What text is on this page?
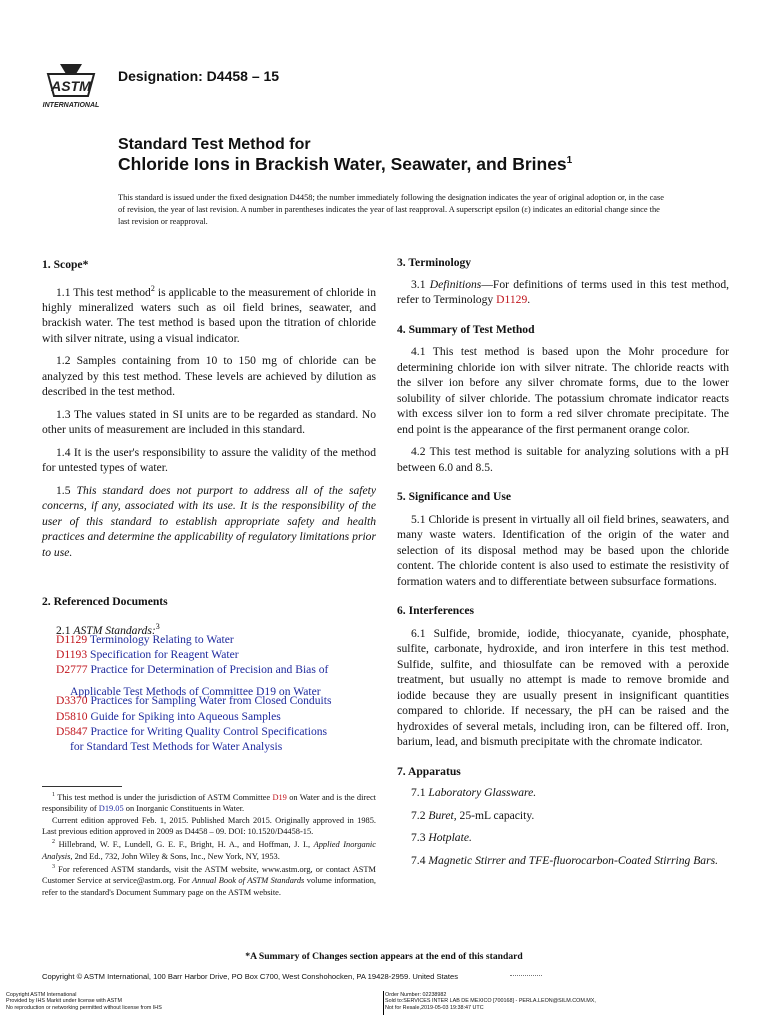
ASTM
INTERNATIONAL
Designation: D4458 – 15
Standard Test Method for
Chloride Ions in Brackish Water, Seawater, and Brines$^1$
This standard is issued under the fixed designation D4458; the number immediately following the designation indicates the year of original adoption or, in the case of revision, the year of last revision. A number in parentheses indicates the year of last reapproval. A superscript epsilon (ε) indicates an editorial change since the last revision or reapproval.
1. Scope*

1.1 This test method$^2$ is applicable to the measurement of chloride in highly mineralized waters such as oil field brines, seawater, and brackish water. The test method is based upon the titration of chloride with silver nitrate, using a visual indicator.

1.2 Samples containing from 10 to 150 mg of chloride can be analyzed by this test method. These levels are achieved by dilution as described in the test method.

1.3 The values stated in SI units are to be regarded as standard. No other units of measurement are included in this standard.

1.4 It is the user's responsibility to assure the validity of the method for untested types of water.

1.5 This standard does not purport to address all of the safety concerns, if any, associated with its use. It is the responsibility of the user of this standard to establish appropriate safety and health practices and determine the applicability of regulatory limitations prior to use.

2. Referenced Documents
2.1 ASTM Standards:$^3$
D1129 Terminology Relating to Water
D1193 Specification for Reagent Water
D2777 Practice for Determination of Precision and Bias of
Applicable Test Methods of Committee D19 on Water
D3370 Practices for Sampling Water from Closed Conduits
D5810 Guide for Spiking into Aqueous Samples
D5847 Practice for Writing Quality Control Specifications
for Standard Test Methods for Water Analysis

$^1$ This test method is under the jurisdiction of ASTM Committee D19 on Water and is the direct responsibility of D19.05 on Inorganic Constituents in Water.

Current edition approved Feb. 1, 2015. Published March 2015. Originally approved in 1985. Last previous edition approved in 2009 as D4458 – 09. DOI: 10.1520/D4458-15.

$^2$ Hillebrand, W. F., Lundell, G. E. F., Bright, H. A., and Hoffman, J. I., Applied Inorganic Analysis, 2nd Ed., 732, John Wiley & Sons, Inc., New York, NY, 1953.

$^3$ For referenced ASTM standards, visit the ASTM website, www.astm.org, or contact ASTM Customer Service at service@astm.org. For Annual Book of ASTM Standards volume information, refer to the standard's Document Summary page on the ASTM website.

3. Terminology

3.1 Definitions—For definitions of terms used in this test method, refer to Terminology D1129.

4. Summary of Test Method

4.1 This test method is based upon the Mohr procedure for determining chloride ion with silver nitrate. The chloride reacts with the silver ion before any silver chromate forms, due to the lower solubility of silver chloride. The potassium chromate indicator reacts with excess silver ion to form a red silver chromate precipitate. The end point is the appearance of the first permanent orange color.

4.2 This test method is suitable for analyzing solutions with a pH between 6.0 and 8.5.

5. Significance and Use

5.1 Chloride is present in virtually all oil field brines, seawaters, and many waste waters. Identification of the origin of the water and selection of its disposal method may be based upon the chloride content. The chloride content is also used to estimate the resistivity of formation waters and to differentiate between subsurface formations.

6. Interferences

6.1 Sulfide, bromide, iodide, thiocyanate, cyanide, phosphate, sulfite, carbonate, hydroxide, and iron interfere in this test method. Sulfide, sulfite, and thiosulfate can be removed with a peroxide treatment, but usually no attempt is made to remove bromide and iodide because they are usually present in insignificant quantities compared to chloride. If necessary, the pH can be raised and the hydroxides of several metals, including iron, can be filtered off. Iron, barium, lead, and bismuth precipitate with the chromate indicator.

7. Apparatus

7.1 Laboratory Glassware.

7.2 Buret, 25-mL capacity.

7.3 Hotplate.

7.4 Magnetic Stirrer and TFE-fluorocarbon-Coated Stirring Bars.

*A Summary of Changes section appears at the end of this standard
Copyright © ASTM International, 100 Barr Harbor Drive, PO Box C700, West Conshohocken, PA 19428-2959. United States
Copyright ASTM International
Provided by IHS Markit under license with ASTM
No reproduction or networking permitted without license from IHS
Order Number: 02238982
Sold to:SERVICES INTER LAB DE MEXICO [700168] - PERLA.LEON@SILM.COM.MX,
Not for Resale,2019-05-03 19:38:47 UTC
